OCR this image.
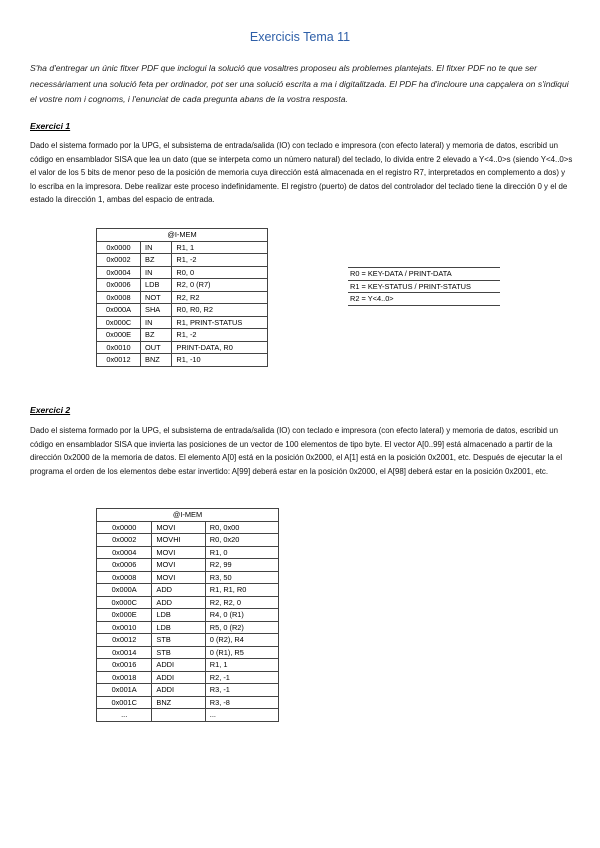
Exercicis Tema 11
S'ha d'entregar un únic fitxer PDF que inclogui la solució que vosaltres proposeu als problemes plantejats. El fitxer PDF no te que ser necessàriament una solució feta per ordinador, pot ser una solució escrita a ma i digitalitzada. El PDF ha d'incloure una capçalera on s'indiqui el vostre nom i cognoms, i l'enunciat de cada pregunta abans de la vostra resposta.
Exercici 1
Dado el sistema formado por la UPG, el subsistema de entrada/salida (IO) con teclado e impresora (con efecto lateral) y memoria de datos, escribid un código en ensamblador SISA que lea un dato (que se interpeta como un número natural) del teclado, lo divida entre 2 elevado a Y<4..0>s (siendo Y<4..0>s el valor de los 5 bits de menor peso de la posición de memoria cuya dirección está almacenada en el registro R7, interpretados en complemento a dos) y lo escriba en la impresora. Debe realizar este proceso indefinidamente. El registro (puerto) de datos del controlador del teclado tiene la dirección 0 y el de estado la dirección 1, ambas del espacio de entrada.
@I-MEM		
0x0000	IN	R1, 1
0x0002	BZ	R1, -2
0x0004	IN	R0, 0
0x0006	LDB	R2, 0 (R7)
0x0008	NOT	R2, R2
0x000A	SHA	R0, R0, R2
0x000C	IN	R1, PRINT-STATUS
0x000E	BZ	R1, -2
0x0010	OUT	PRINT-DATA, R0
0x0012	BNZ	R1, -10
R0 = KEY-DATA / PRINT-DATA
R1 = KEY-STATUS / PRINT-STATUS
R2 = Y<4..0>
Exercici 2
Dado el sistema formado por la UPG, el subsistema de entrada/salida (IO) con teclado e impresora (con efecto lateral) y memoria de datos, escribid un código en ensamblador SISA que invierta las posiciones de un vector de 100 elementos de tipo byte. El vector A[0..99] está almacenado a partir de la dirección 0x2000 de la memoria de datos. El elemento A[0] está en la posición 0x2000, el A[1] está en la posición 0x2001, etc. Después de ejecutar la el programa el orden de los elementos debe estar invertido: A[99] deberá estar en la posición 0x2000, el A[98] deberá estar en la posición 0x2001, etc.
@I-MEM		
0x0000	MOVI	R0, 0x00
0x0002	MOVHI	R0, 0x20
0x0004	MOVI	R1, 0
0x0006	MOVI	R2, 99
0x0008	MOVI	R3, 50
0x000A	ADD	R1, R1, R0
0x000C	ADD	R2, R2, 0
0x000E	LDB	R4, 0 (R1)
0x0010	LDB	R5, 0 (R2)
0x0012	STB	0 (R2), R4
0x0014	STB	0 (R1), R5
0x0016	ADDI	R1, 1
0x0018	ADDI	R2, -1
0x001A	ADDI	R3, -1
0x001C	BNZ	R3, -8
...		...
